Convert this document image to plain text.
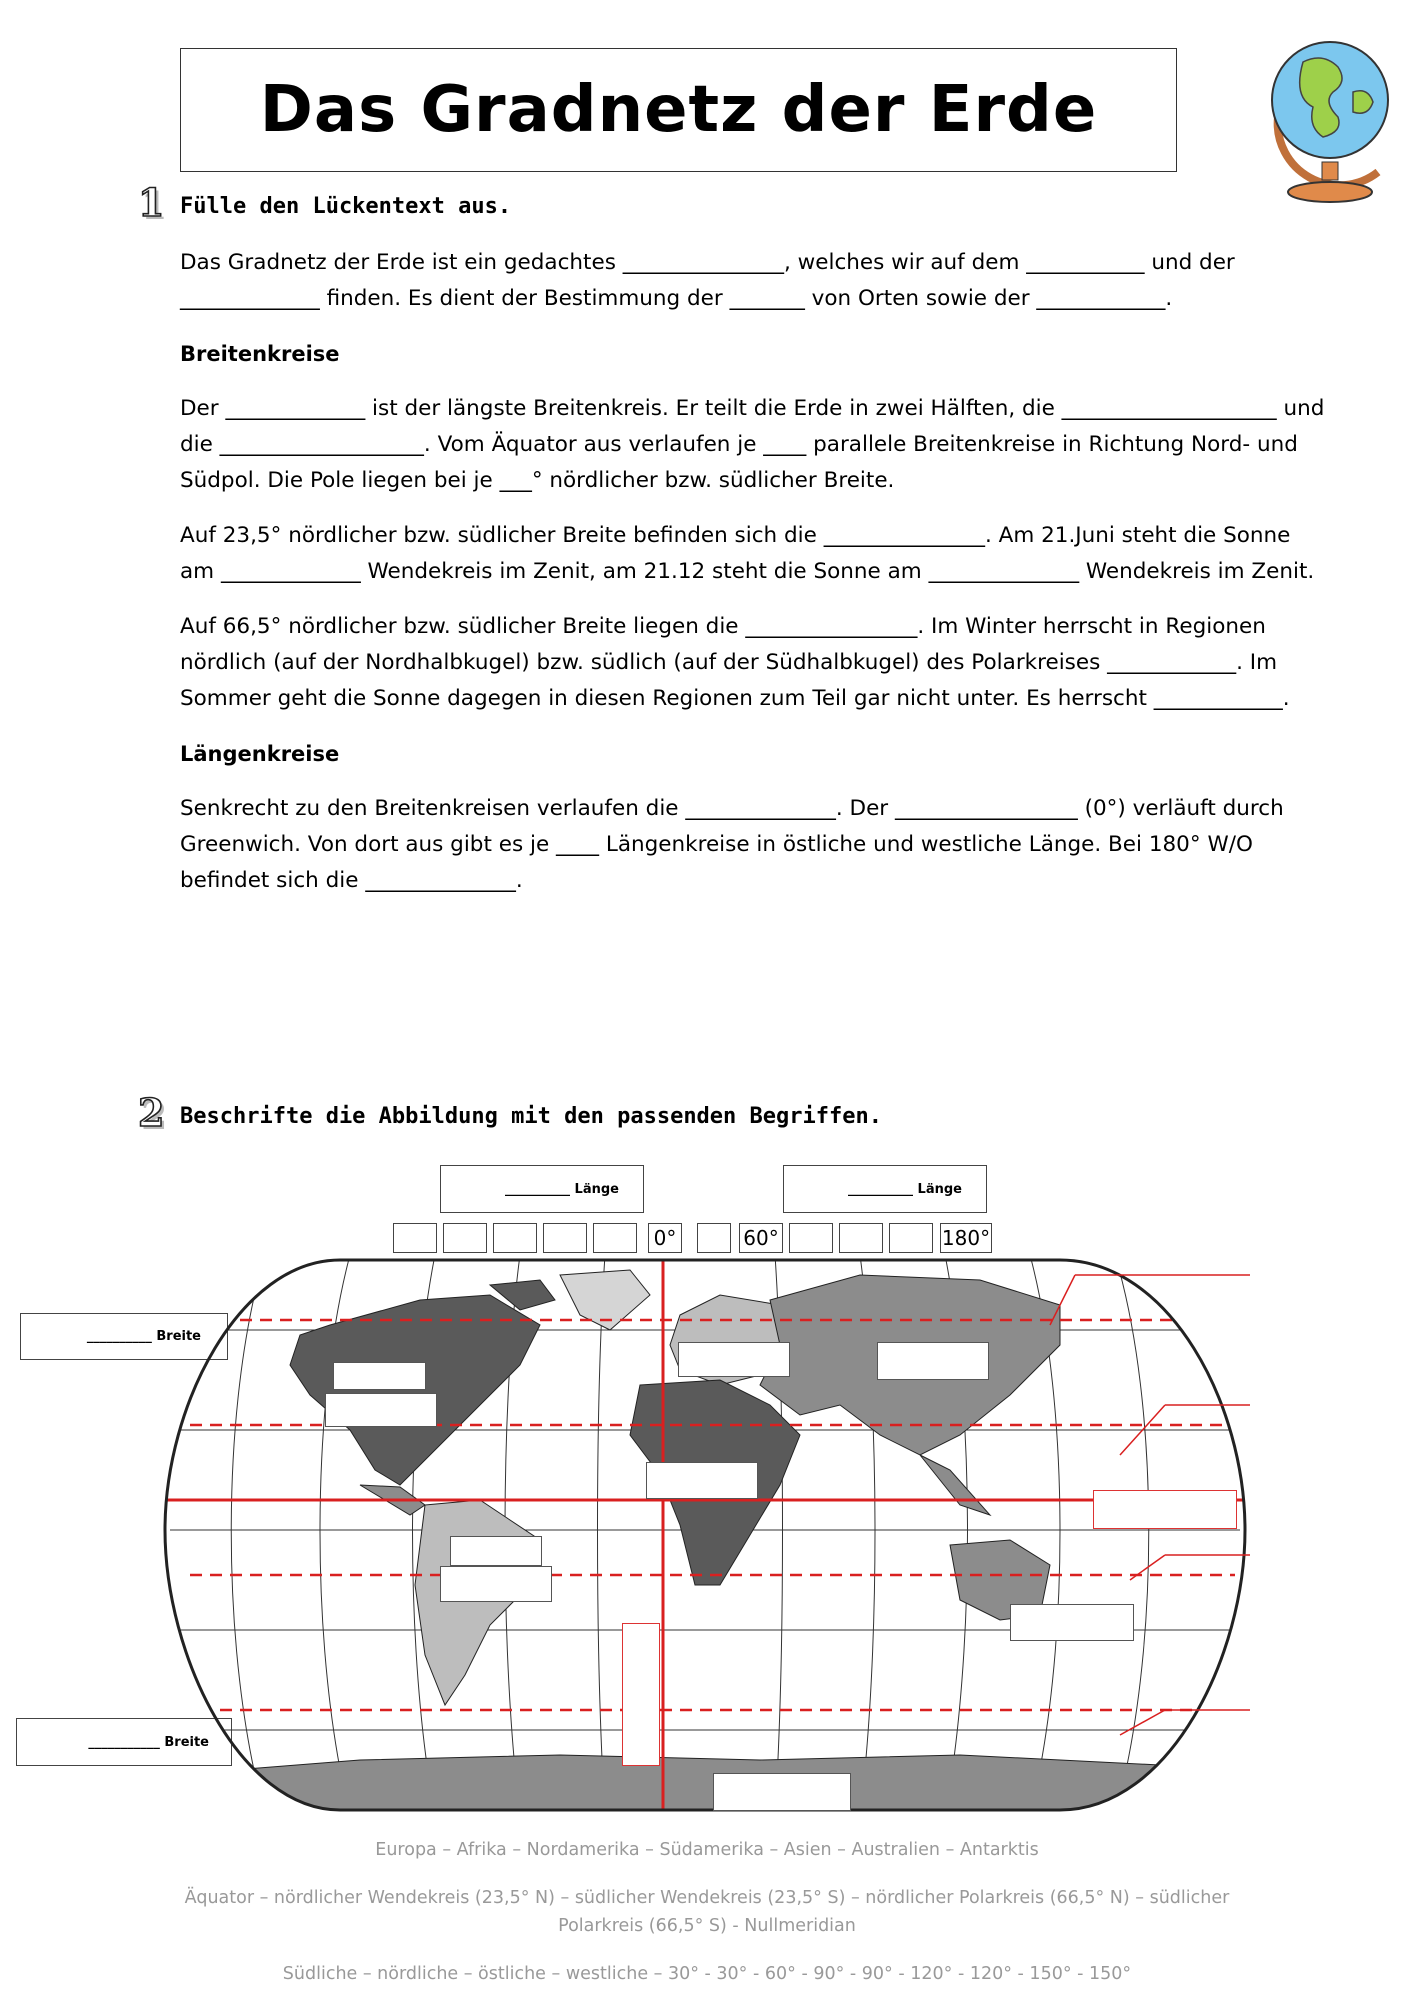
Das Gradnetz der Erde
1 Fülle den Lückentext aus.

Das Gradnetz der Erde ist ein gedachtes _______________, welches wir auf dem ___________ und der _____________ finden. Es dient der Bestimmung der _______ von Orten sowie der ____________.

Breitenkreise

Der _____________ ist der längste Breitenkreis. Er teilt die Erde in zwei Hälften, die ____________________ und die ___________________. Vom Äquator aus verlaufen je ____ parallele Breitenkreise in Richtung Nord- und Südpol. Die Pole liegen bei je ___° nördlicher bzw. südlicher Breite.

Auf 23,5° nördlicher bzw. südlicher Breite befinden sich die _______________. Am 21.Juni steht die Sonne am _____________ Wendekreis im Zenit, am 21.12 steht die Sonne am ______________ Wendekreis im Zenit.

Auf 66,5° nördlicher bzw. südlicher Breite liegen die ________________. Im Winter herrscht in Regionen nördlich (auf der Nordhalbkugel) bzw. südlich (auf der Südhalbkugel) des Polarkreises ____________. Im Sommer geht die Sonne dagegen in diesen Regionen zum Teil gar nicht unter. Es herrscht ____________.

Längenkreise

Senkrecht zu den Breitenkreisen verlaufen die ______________. Der _________________ (0°) verläuft durch Greenwich. Von dort aus gibt es je ____ Längenkreise in östliche und westliche Länge. Bei 180° W/O befindet sich die ______________.

2 Beschrifte die Abbildung mit den passenden Begriffen.
__________ Länge	__________ Länge
0°	60°	180°
__________ Breite
___________ Breite
Europa – Afrika – Nordamerika – Südamerika – Asien – Australien – Antarktis
Äquator – nördlicher Wendekreis (23,5° N) – südlicher Wendekreis (23,5° S) – nördlicher Polarkreis (66,5° N) – südlicher Polarkreis (66,5° S) - Nullmeridian
Südliche – nördliche – östliche – westliche – 30° - 30° - 60° - 90° - 90° - 120° - 120° - 150° - 150°
